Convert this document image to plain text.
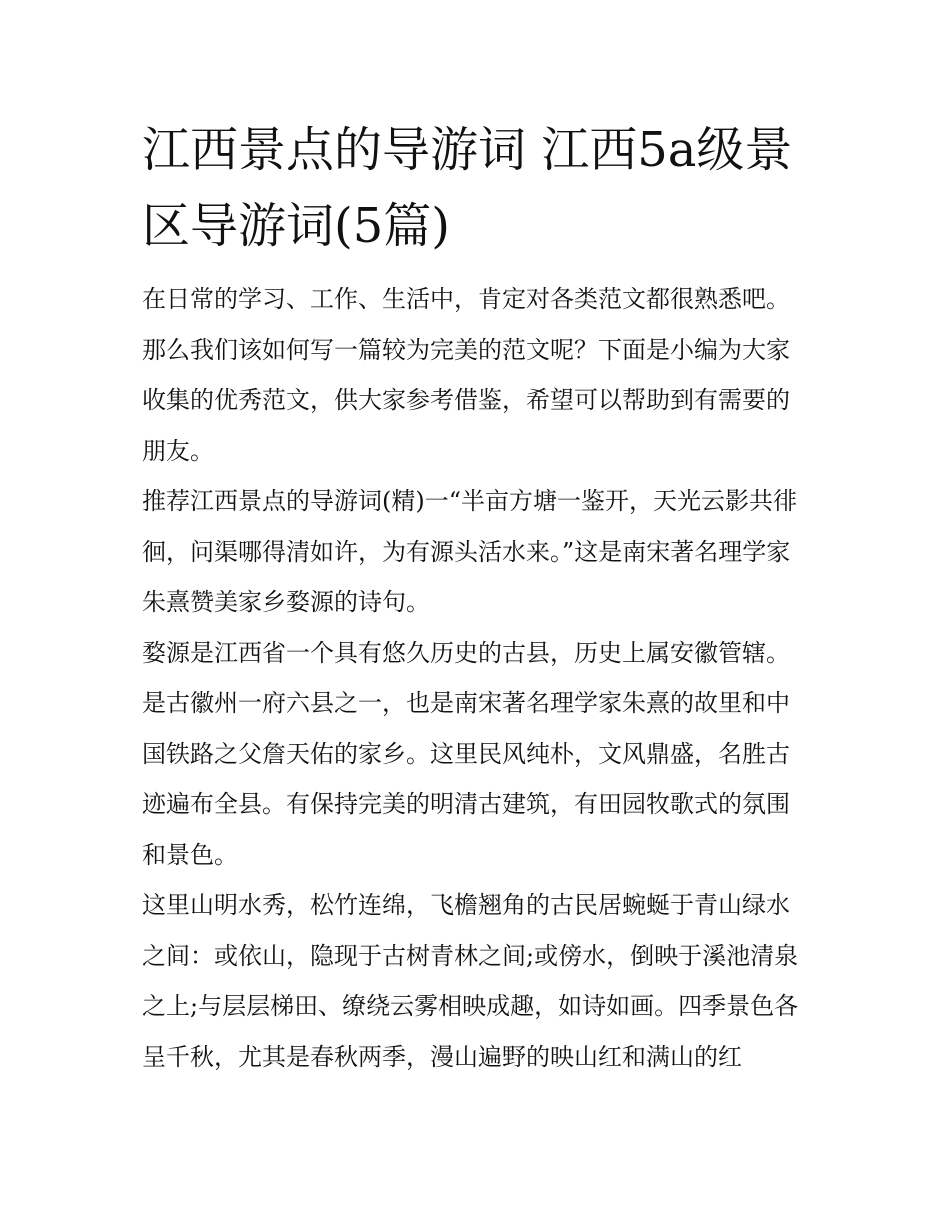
江西景点的导游词 江西5a级景区导游词(5篇)

在日常的学习、工作、生活中，肯定对各类范文都很熟悉吧。那么我们该如何写一篇较为完美的范文呢？下面是小编为大家收集的优秀范文，供大家参考借鉴，希望可以帮助到有需要的朋友。

推荐江西景点的导游词(精)一“半亩方塘一鉴开，天光云影共徘徊，问渠哪得清如许，为有源头活水来。”这是南宋著名理学家朱熹赞美家乡婺源的诗句。

婺源是江西省一个具有悠久历史的古县，历史上属安徽管辖。是古徽州一府六县之一，也是南宋著名理学家朱熹的故里和中国铁路之父詹天佑的家乡。这里民风纯朴，文风鼎盛，名胜古迹遍布全县。有保持完美的明清古建筑，有田园牧歌式的氛围和景色。

这里山明水秀，松竹连绵，飞檐翘角的古民居蜿蜒于青山绿水之间：或依山，隐现于古树青林之间;或傍水，倒映于溪池清泉之上;与层层梯田、缭绕云雾相映成趣，如诗如画。四季景色各呈千秋，尤其是春秋两季，漫山遍野的映山红和满山的红
